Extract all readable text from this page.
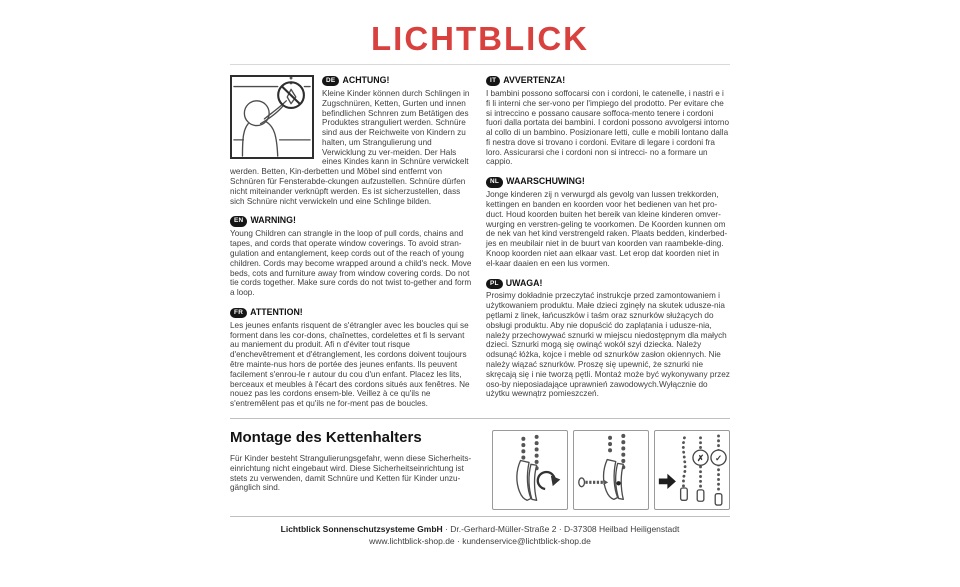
LICHTBLICK
DE ACHTUNG!
Kleine Kinder können durch Schlingen in Zugschnüren, Ketten, Gurten und innen befindlichen Schnren zum Betätigen des Produktes stranguliert werden. Schnüre sind aus der Reichweite von Kindern zu halten, um Strangulierung und Verwicklung zu ver-meiden. Der Hals eines Kindes kann in Schnüre verwickelt werden. Betten, Kin-derbetten und Möbel sind entfernt von Schnüren für Fensterabde-ckungen aufzustellen. Schnüre dürfen nicht miteinander verknüpft werden. Es ist sicherzustellen, dass sich Schnüre nicht verwickeln und eine Schlinge bilden.
EN WARNING!
Young Children can strangle in the loop of pull cords, chains and tapes, and cords that operate window coverings. To avoid stran-gulation and entanglement, keep cords out of the reach of young children. Cords may become wrapped around a child's neck. Move beds, cots and furniture away from window covering cords. Do not tie cords together. Make sure cords do not twist to-gether and form a loop.
FR ATTENTION!
Les jeunes enfants risquent de s'étrangler avec les boucles qui se forment dans les cor-dons, chaînettes, cordelettes et fi ls servant au maniement du produit. Afi n d'éviter tout risque d'enchevêtrement et d'étranglement, les cordons doivent toujours être mainte-nus hors de portée des jeunes enfants. Ils peuvent facilement s'enrou-le r autour du cou d'un enfant. Placez les lits, berceaux et meubles à l'écart des cordons situés aux fenêtres. Ne nouez pas les cordons ensem-ble. Veillez à ce qu'ils ne s'entremêlent pas et qu'ils ne for-ment pas de boucles.
IT AVVERTENZA!
I bambini possono soffocarsi con i cordoni, le catenelle, i nastri e i fi li interni che ser-vono per l'impiego del prodotto. Per evitare che si intreccino e possano causare soffoca-mento tenere i cordoni fuori dalla portata dei bambini. I cordoni possono avvolgersi intorno al collo di un bambino. Posizionare letti, culle e mobili lontano dalla fi nestra dove si trovano i cordoni. Evitare di legare i cordoni fra loro. Assicurarsi che i cordoni non si intrecci- no a formare un cappio.
NL WAARSCHUWING!
Jonge kinderen zij n verwurgd als gevolg van lussen trekkorden, kettingen en banden en koorden voor het bedienen van het pro-duct. Houd koorden buiten het bereik van kleine kinderen omver-wurging en verstren-geling te voorkomen. De Koorden kunnen om de nek van het kind verstrengeld raken. Plaats bedden, kinderbed-jes en meubilair niet in de buurt van koorden van raambekle-ding. Knoop koorden niet aan elkaar vast. Let erop dat koorden niet in el-kaar daaien en een lus vormen.
PL UWAGA!
Prosimy dokładnie przeczytać instrukcje przed zamontowaniem i użytkowaniem produktu. Małe dzieci zginęły na skutek udusze-nia pętlami z linek, łańcuszków i taśm oraz sznurków służących do obsługi produktu. Aby nie dopuścić do zaplątania i udusze-nia, należy przechowywać sznurki w miejscu niedostępnym dla małych dzieci. Sznurki mogą się owinąć wokół szyi dziecka. Należy odsunąć łóżka, kojce i meble od sznurków zasłon okiennych. Nie należy wiązać sznurków. Proszę się upewnić, że sznurki nie skręcają się i nie tworzą pętli. Montaż może być wykonywany przez oso-by nieposiadające uprawnień zawodowych.Wyłącznie do użytku wewnątrz pomieszczeń.
Montage des Kettenhalters
Für Kinder besteht Strangulierungsgefahr, wenn diese Sicherheits-einrichtung nicht eingebaut wird. Diese Sicherheitseinrichtung ist stets zu verwenden, damit Schnüre und Ketten für Kinder unzu-gänglich sind.
✗ ✓
Lichtblick Sonnenschutzsysteme GmbH · Dr.-Gerhard-Müller-Straße 2 · D-37308 Heilbad Heiligenstadt
www.lichtblick-shop.de · kundenservice@lichtblick-shop.de
